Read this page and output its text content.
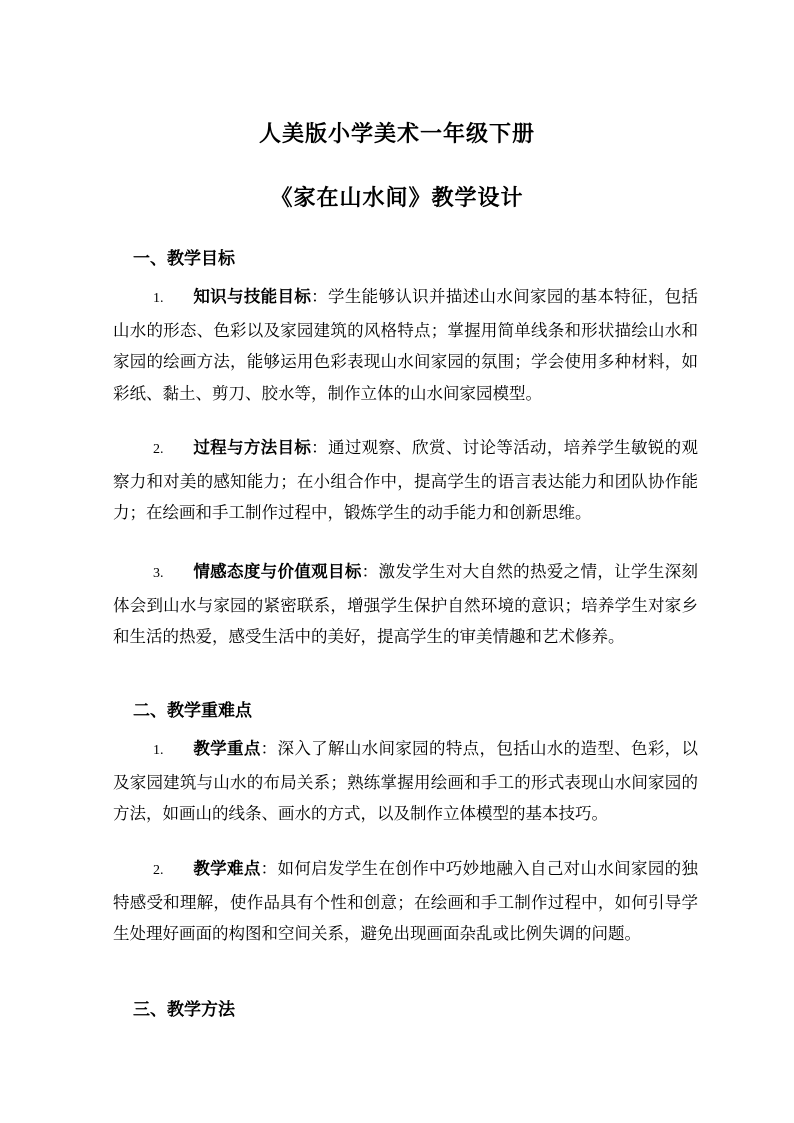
人美版小学美术一年级下册
《家在山水间》教学设计
一、教学目标

1. 知识与技能目标：学生能够认识并描述山水间家园的基本特征，包括山水的形态、色彩以及家园建筑的风格特点；掌握用简单线条和形状描绘山水和家园的绘画方法，能够运用色彩表现山水间家园的氛围；学会使用多种材料，如彩纸、黏土、剪刀、胶水等，制作立体的山水间家园模型。

2. 过程与方法目标：通过观察、欣赏、讨论等活动，培养学生敏锐的观察力和对美的感知能力；在小组合作中，提高学生的语言表达能力和团队协作能力；在绘画和手工制作过程中，锻炼学生的动手能力和创新思维。

3. 情感态度与价值观目标：激发学生对大自然的热爱之情，让学生深刻体会到山水与家园的紧密联系，增强学生保护自然环境的意识；培养学生对家乡和生活的热爱，感受生活中的美好，提高学生的审美情趣和艺术修养。

二、教学重难点

1. 教学重点：深入了解山水间家园的特点，包括山水的造型、色彩，以及家园建筑与山水的布局关系；熟练掌握用绘画和手工的形式表现山水间家园的方法，如画山的线条、画水的方式，以及制作立体模型的基本技巧。

2. 教学难点：如何启发学生在创作中巧妙地融入自己对山水间家园的独特感受和理解，使作品具有个性和创意；在绘画和手工制作过程中，如何引导学生处理好画面的构图和空间关系，避免出现画面杂乱或比例失调的问题。

三、教学方法
